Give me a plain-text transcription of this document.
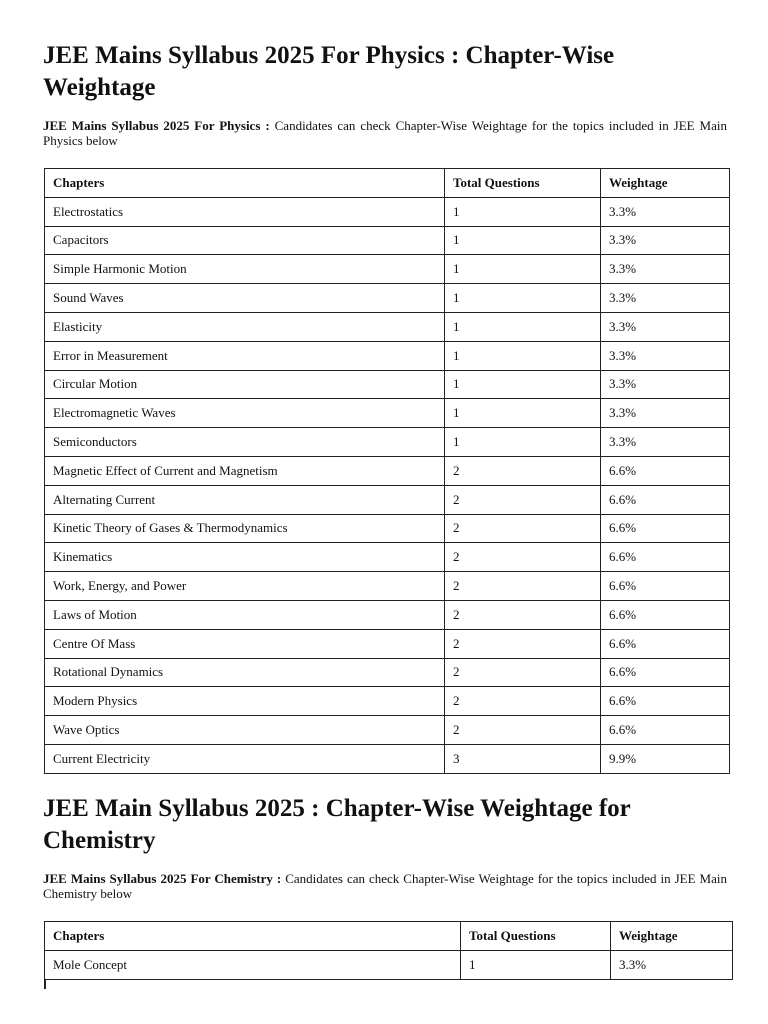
JEE Mains Syllabus 2025 For Physics : Chapter-Wise Weightage

JEE Mains Syllabus 2025 For Physics : Candidates can check Chapter-Wise Weightage for the topics included in JEE Main Physics below

Chapters	Total Questions	Weightage
Electrostatics	1	3.3%
Capacitors	1	3.3%
Simple Harmonic Motion	1	3.3%
Sound Waves	1	3.3%
Elasticity	1	3.3%
Error in Measurement	1	3.3%
Circular Motion	1	3.3%
Electromagnetic Waves	1	3.3%
Semiconductors	1	3.3%
Magnetic Effect of Current and Magnetism	2	6.6%
Alternating Current	2	6.6%
Kinetic Theory of Gases & Thermodynamics	2	6.6%
Kinematics	2	6.6%
Work, Energy, and Power	2	6.6%
Laws of Motion	2	6.6%
Centre Of Mass	2	6.6%
Rotational Dynamics	2	6.6%
Modern Physics	2	6.6%
Wave Optics	2	6.6%
Current Electricity	3	9.9%
JEE Main Syllabus 2025 : Chapter-Wise Weightage for Chemistry

JEE Mains Syllabus 2025 For Chemistry : Candidates can check Chapter-Wise Weightage for the topics included in JEE Main Chemistry below

Chapters	Total Questions	Weightage
Mole Concept	1	3.3%
